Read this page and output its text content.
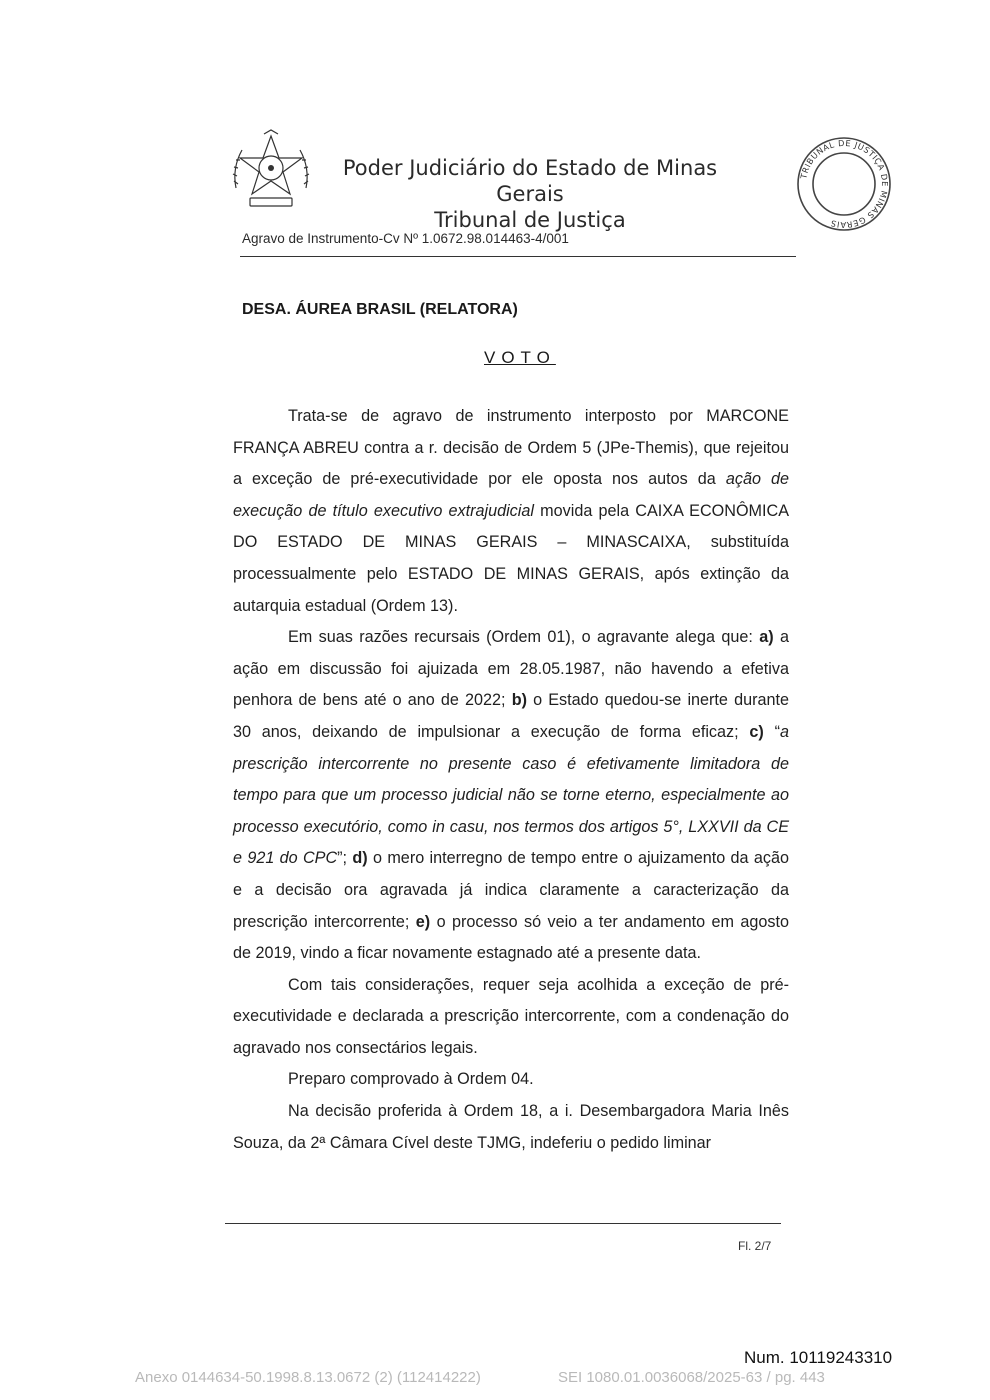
Poder Judiciário do Estado de Minas Gerais
Tribunal de Justiça
TRIBUNAL DE JUSTIÇA DE MINAS GERAIS
Agravo de Instrumento-Cv Nº 1.0672.98.014463-4/001
DESA. ÁUREA BRASIL (RELATORA)
VOTO

Trata-se de agravo de instrumento interposto por MARCONE FRANÇA ABREU contra a r. decisão de Ordem 5 (JPe-Themis), que rejeitou a exceção de pré-executividade por ele oposta nos autos da ação de execução de título executivo extrajudicial movida pela CAIXA ECONÔMICA DO ESTADO DE MINAS GERAIS – MINASCAIXA, substituída processualmente pelo ESTADO DE MINAS GERAIS, após extinção da autarquia estadual (Ordem 13).

Em suas razões recursais (Ordem 01), o agravante alega que: a) a ação em discussão foi ajuizada em 28.05.1987, não havendo a efetiva penhora de bens até o ano de 2022; b) o Estado quedou-se inerte durante 30 anos, deixando de impulsionar a execução de forma eficaz; c) “a prescrição intercorrente no presente caso é efetivamente limitadora de tempo para que um processo judicial não se torne eterno, especialmente ao processo executório, como in casu, nos termos dos artigos 5°, LXXVII da CE e 921 do CPC”; d) o mero interregno de tempo entre o ajuizamento da ação e a decisão ora agravada já indica claramente a caracterização da prescrição intercorrente; e) o processo só veio a ter andamento em agosto de 2019, vindo a ficar novamente estagnado até a presente data.

Com tais considerações, requer seja acolhida a exceção de pré-executividade e declarada a prescrição intercorrente, com a condenação do agravado nos consectários legais.

Preparo comprovado à Ordem 04.

Na decisão proferida à Ordem 18, a i. Desembargadora Maria Inês Souza, da 2ª Câmara Cível deste TJMG, indeferiu o pedido liminar

Fl. 2/7
Num. 10119243310
Anexo 0144634-50.1998.8.13.0672 (2) (112414222)	SEI 1080.01.0036068/2025-63 / pg. 443
